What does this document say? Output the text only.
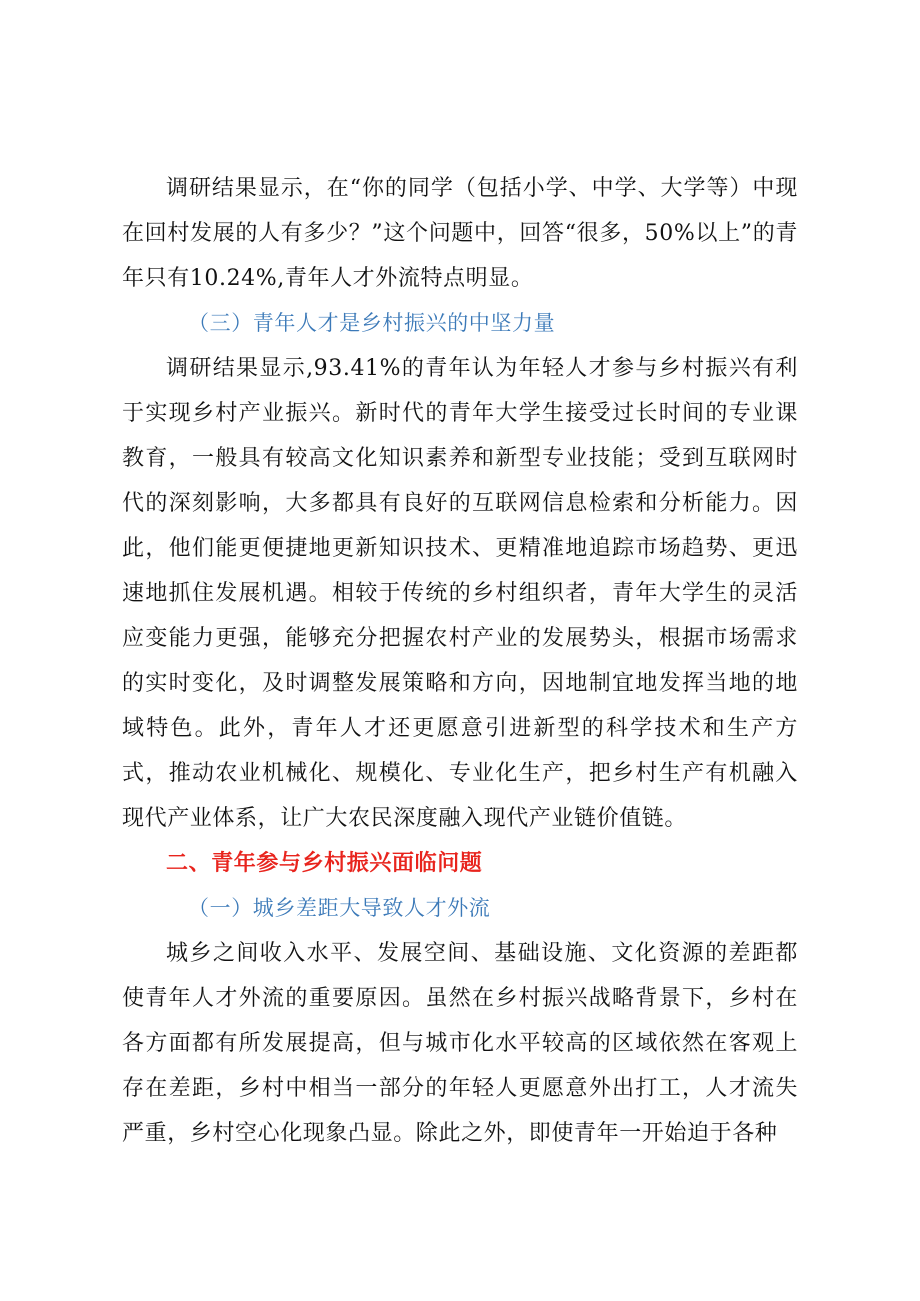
调研结果显示，在“你的同学（包括小学、中学、大学等）中现在回村发展的人有多少？”这个问题中，回答“很多，50%以上”的青年只有10.24%,青年人才外流特点明显。

（三）青年人才是乡村振兴的中坚力量

调研结果显示,93.41%的青年认为年轻人才参与乡村振兴有利于实现乡村产业振兴。新时代的青年大学生接受过长时间的专业课教育，一般具有较高文化知识素养和新型专业技能；受到互联网时代的深刻影响，大多都具有良好的互联网信息检索和分析能力。因此，他们能更便捷地更新知识技术、更精准地追踪市场趋势、更迅速地抓住发展机遇。相较于传统的乡村组织者，青年大学生的灵活应变能力更强，能够充分把握农村产业的发展势头，根据市场需求的实时变化，及时调整发展策略和方向，因地制宜地发挥当地的地域特色。此外，青年人才还更愿意引进新型的科学技术和生产方式，推动农业机械化、规模化、专业化生产，把乡村生产有机融入现代产业体系，让广大农民深度融入现代产业链价值链。

二、青年参与乡村振兴面临问题

（一）城乡差距大导致人才外流

城乡之间收入水平、发展空间、基础设施、文化资源的差距都使青年人才外流的重要原因。虽然在乡村振兴战略背景下，乡村在各方面都有所发展提高，但与城市化水平较高的区域依然在客观上存在差距，乡村中相当一部分的年轻人更愿意外出打工，人才流失严重，乡村空心化现象凸显。除此之外，即使青年一开始迫于各种
